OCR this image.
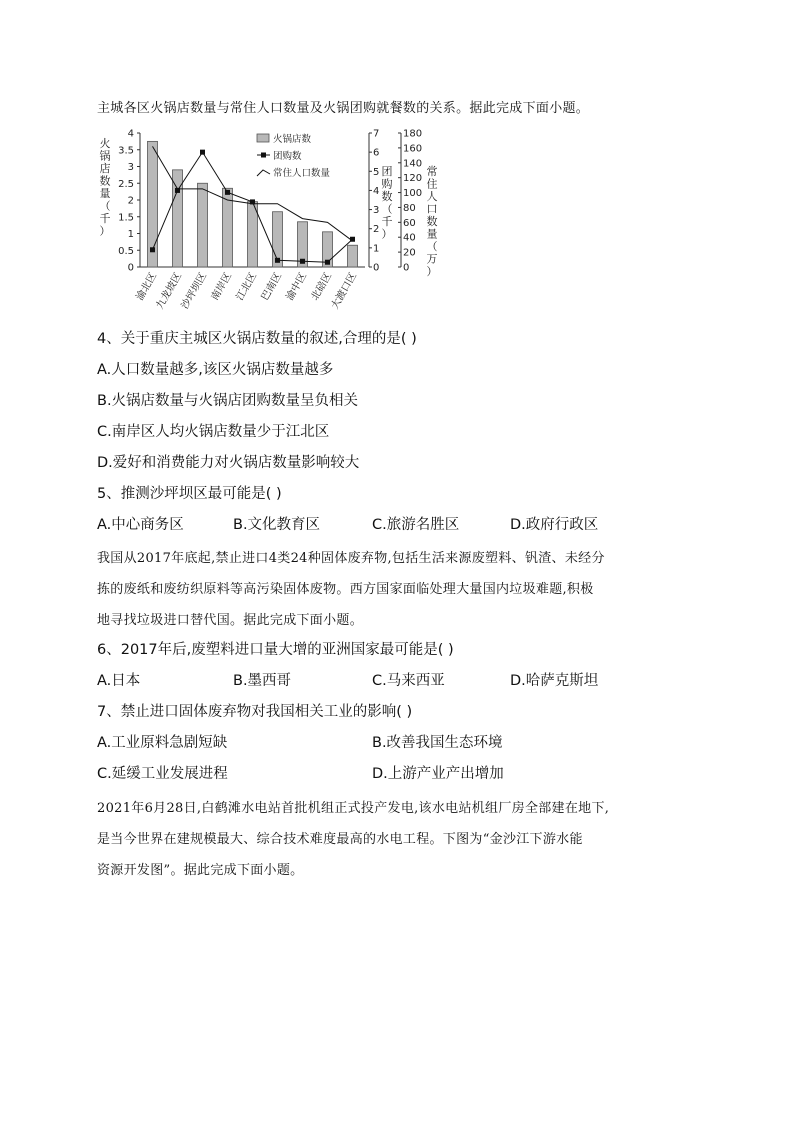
主城各区火锅店数量与常住人口数量及火锅团购就餐数的关系。据此完成下面小题。
0
0.5
1
1.5
2
2.5
3
3.5
4
0
1
2
3
4
5
6
7
0
20
40
60
80
100
120
140
160
180
火锅店数
团购数
常住人口数量
火锅店数量（千）
团购数（千）
常住人口数量（万）
渝北区
九龙坡区
沙坪坝区 南岸区 江北区 巴南区 渝中区 北碚区
大渡口区
4、关于重庆主城区火锅店数量的叙述,合理的是( )
A.人口数量越多,该区火锅店数量越多
B.火锅店数量与火锅店团购数量呈负相关
C.南岸区人均火锅店数量少于江北区
D.爱好和消费能力对火锅店数量影响较大
5、推测沙坪坝区最可能是( )
A.中心商务区	B.文化教育区	C.旅游名胜区	D.政府行政区
我国从2017年底起,禁止进口4类24种固体废弃物,包括生活来源废塑料、钒渣、未经分
拣的废纸和废纺织原料等高污染固体废物。西方国家面临处理大量国内垃圾难题,积极
地寻找垃圾进口替代国。据此完成下面小题。
6、2017年后,废塑料进口量大增的亚洲国家最可能是( )
A.日本	B.墨西哥	C.马来西亚	D.哈萨克斯坦
7、禁止进口固体废弃物对我国相关工业的影响( )
A.工业原料急剧短缺	B.改善我国生态环境
C.延缓工业发展进程	D.上游产业产出增加
2021年6月28日,白鹤滩水电站首批机组正式投产发电,该水电站机组厂房全部建在地下,
是当今世界在建规模最大、综合技术难度最高的水电工程。下图为“金沙江下游水能
资源开发图”。据此完成下面小题。
